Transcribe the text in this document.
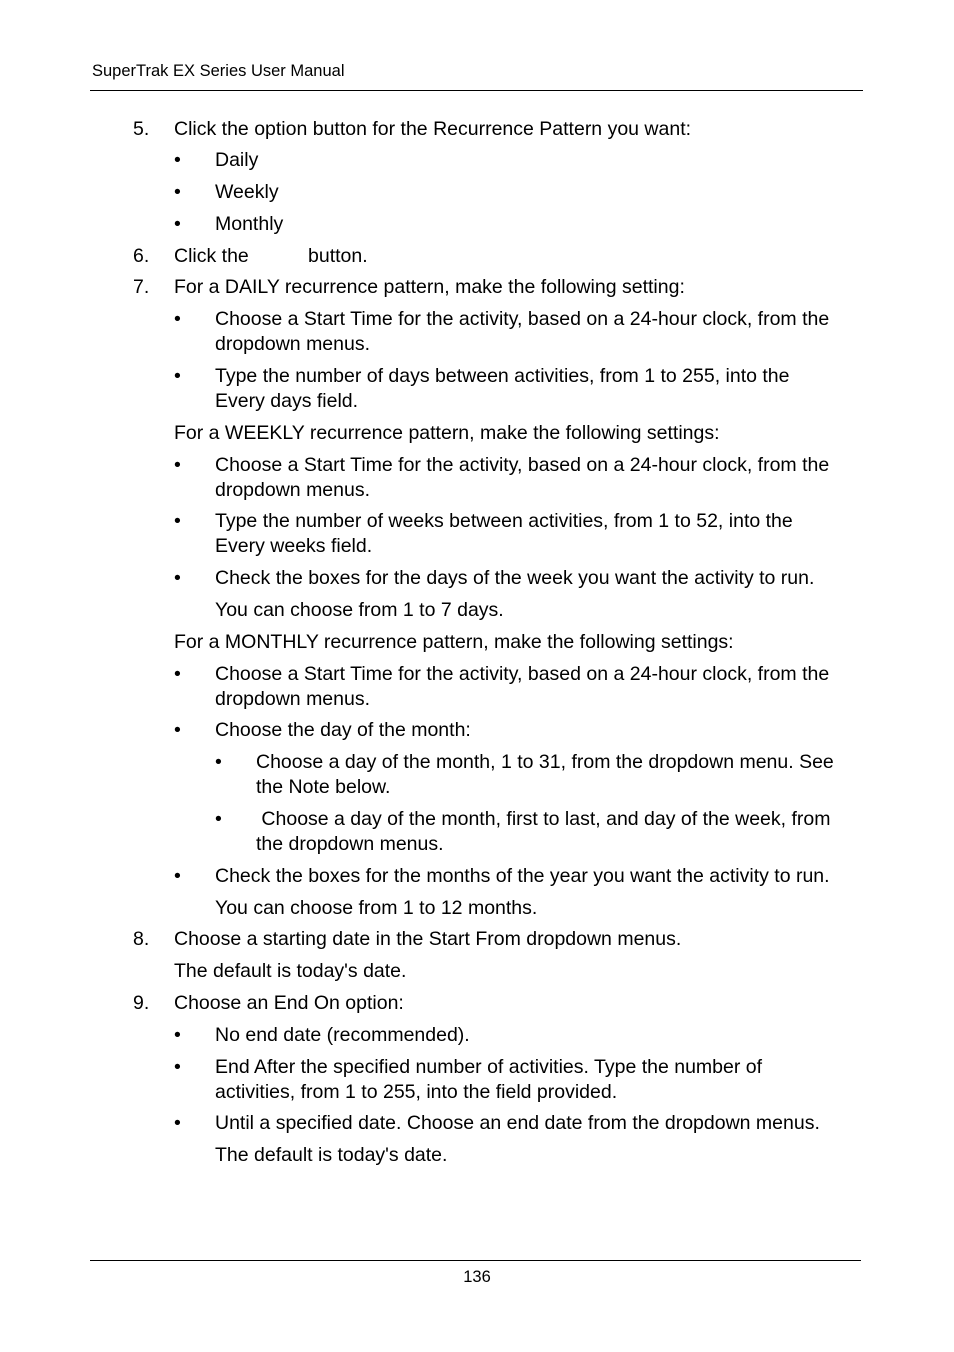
SuperTrak EX Series User Manual
5. Click the option button for the Recurrence Pattern you want:
• Daily
• Weekly
• Monthly
6. Click the	button.
7. For a DAILY recurrence pattern, make the following setting:
• Choose a Start Time for the activity, based on a 24-hour clock, from the
dropdown menus.
• Type the number of days between activities, from 1 to 255, into the
Every days field.
For a WEEKLY recurrence pattern, make the following settings:
• Choose a Start Time for the activity, based on a 24-hour clock, from the
dropdown menus.
• Type the number of weeks between activities, from 1 to 52, into the
Every weeks field.
• Check the boxes for the days of the week you want the activity to run.
You can choose from 1 to 7 days.
For a MONTHLY recurrence pattern, make the following settings:
• Choose a Start Time for the activity, based on a 24-hour clock, from the
dropdown menus.
• Choose the day of the month:
• Choose a day of the month, 1 to 31, from the dropdown menu. See
the Note below.
• Choose a day of the month, first to last, and day of the week, from
the dropdown menus.
• Check the boxes for the months of the year you want the activity to run.
You can choose from 1 to 12 months.
8. Choose a starting date in the Start From dropdown menus.
The default is today's date.
9. Choose an End On option:
• No end date (recommended).
• End After the specified number of activities. Type the number of
activities, from 1 to 255, into the field provided.
• Until a specified date. Choose an end date from the dropdown menus.
The default is today's date.
136
